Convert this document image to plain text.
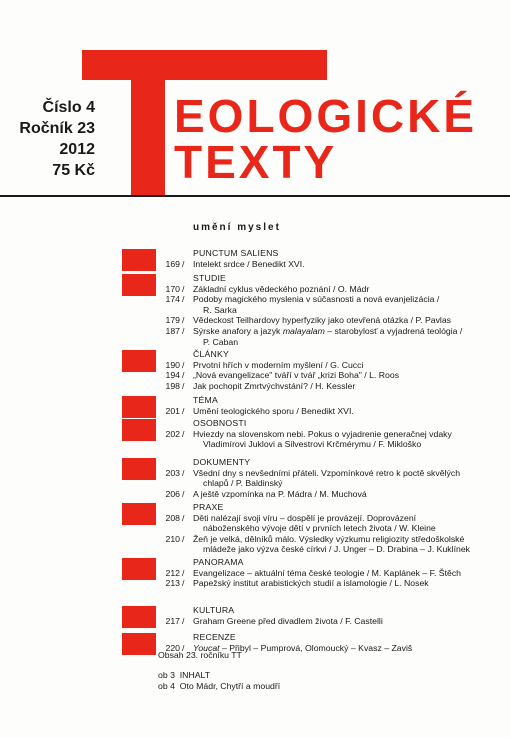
Číslo 4
Ročník 23
2012
75 Kč
EOLOGICKÉ
TEXTY
umění myslet
PUNCTUM SALIENS
169 / Intelekt srdce / Benedikt XVI.
STUDIE
170 / Základní cyklus vědeckého poznání / O. Mádr
174 / Podoby magického myslenia v súčasnosti a nová evanjelizácia /
R. Sarka
179 / Vědeckost Teilhardovy hyperfyziky jako otevřená otázka / P. Pavlas
187 / Sýrske anafory a jazyk malayalam – starobylosť a vyjadrená teológia /
P. Caban
ČLÁNKY
190 / Prvotní hřích v moderním myšlení / G. Cucci
194 / „Nová evangelizace" tváří v tvář „krizi Boha" / L. Roos
198 / Jak pochopit Zmrtvýchvstání? / H. Kessler
TÉMA
201 / Umění teologického sporu / Benedikt XVI.
OSOBNOSTI
202 / Hviezdy na slovenskom nebi. Pokus o vyjadrenie generačnej vdaky
Vladimírovi Juklovi a Silvestrovi Krčmérymu / F. Mikloško
DOKUMENTY
203 / Všední dny s nevšedními přáteli. Vzpomínkové retro k poctě skvělých
chlapů / P. Baldinský
206 / A ještě vzpomínka na P. Mádra / M. Muchová
PRAXE
208 / Děti nalézají svoji víru – dospělí je provázejí. Doprovázení
náboženského vývoje dětí v prvních letech života / W. Kleine
210 / Žeň je velká, dělníků málo. Výsledky výzkumu religiozity středoškolské
mládeže jako výzva české církvi / J. Unger – D. Drabina – J. Kuklínek
PANORAMA
212 / Evangelizace – aktuální téma české teologie / M. Kaplánek – F. Štěch
213 / Papežský institut arabistických studií a islamologie / L. Nosek
KULTURA
217 / Graham Greene před divadlem života / F. Castelli
RECENZE
220 / Youcat – Přibyl – Pumprová, Olomoucký – Kvasz – Zaviš
Obsah 23. ročníku TT
ob 3 INHALT
ob 4 Oto Mádr, Chytří a moudří
